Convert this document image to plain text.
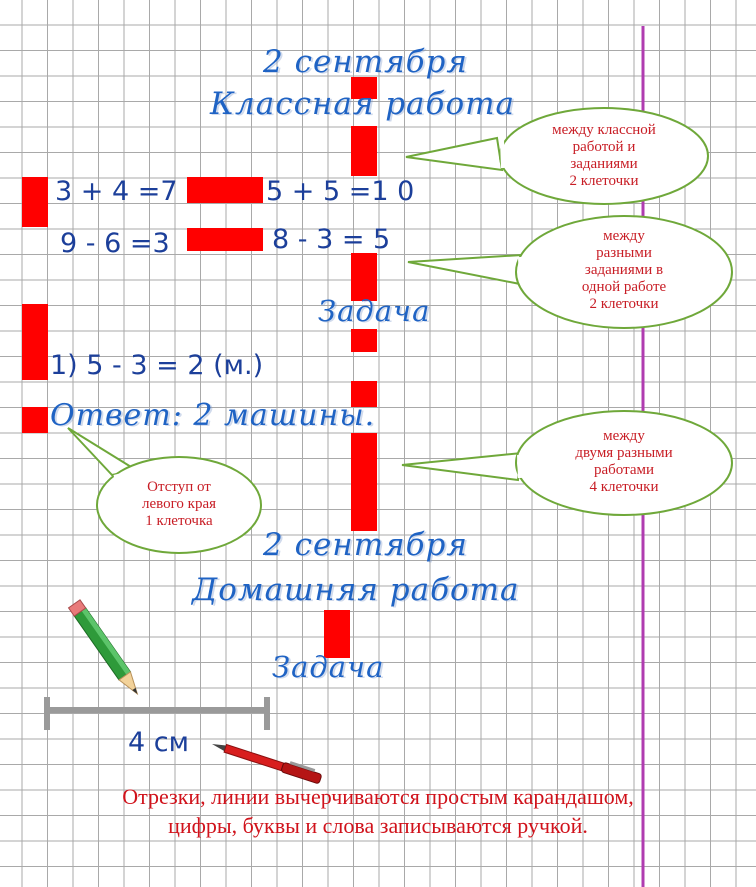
2 сентября
Классная работа
3 + 4 =7	5 + 5 =1 0
9 - 6 =3	8 - 3 = 5
Задача
1) 5 - 3 = 2 (м.)
Ответ: 2 машины.
2 сентября
Домашняя работа
Задача
между классной
работой и
заданиями
2 клеточки
между
разными
заданиями в
одной работе
2 клеточки
между
двумя разными
работами
4 клеточки
Отступ от
левого края
1 клеточка
4 см
Отрезки, линии вычерчиваются простым карандашом,
цифры, буквы и слова записываются ручкой.
